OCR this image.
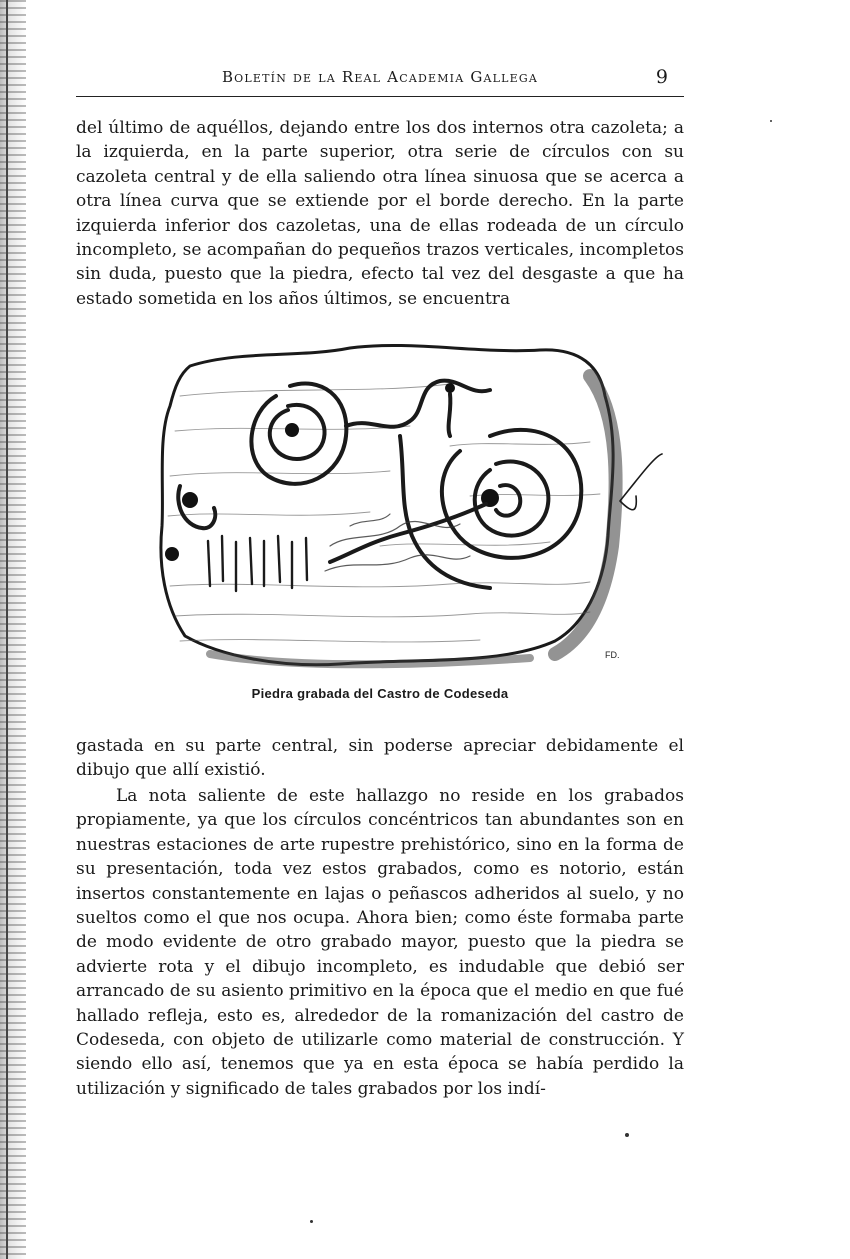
Boletín de la Real Academia Gallega	9

del último de aquéllos, dejando entre los dos internos otra cazoleta; a la izquierda, en la parte superior, otra serie de círculos con su cazoleta central y de ella saliendo otra línea sinuosa que se acerca a otra línea curva que se extiende por el borde derecho. En la parte izquierda inferior dos cazoletas, una de ellas rodeada de un círculo incompleto, se acompañan do pequeños trazos verticales, incompletos sin duda, puesto que la piedra, efecto tal vez del desgaste a que ha estado sometida en los años últimos, se encuentra

FD.
Piedra grabada del Castro de Codeseda

gastada en su parte central, sin poderse apreciar debidamente el dibujo que allí existió.

La nota saliente de este hallazgo no reside en los grabados propiamente, ya que los círculos concéntricos tan abundantes son en nuestras estaciones de arte rupestre prehistórico, sino en la forma de su presentación, toda vez estos grabados, como es notorio, están insertos constantemente en lajas o peñascos adheridos al suelo, y no sueltos como el que nos ocupa. Ahora bien; como éste formaba parte de modo evidente de otro grabado mayor, puesto que la piedra se advierte rota y el dibujo incompleto, es indudable que debió ser arrancado de su asiento primitivo en la época que el medio en que fué hallado refleja, esto es, alrededor de la romanización del castro de Codeseda, con objeto de utilizarle como material de construcción. Y siendo ello así, tenemos que ya en esta época se había perdido la utilización y significado de tales grabados por los indí-
